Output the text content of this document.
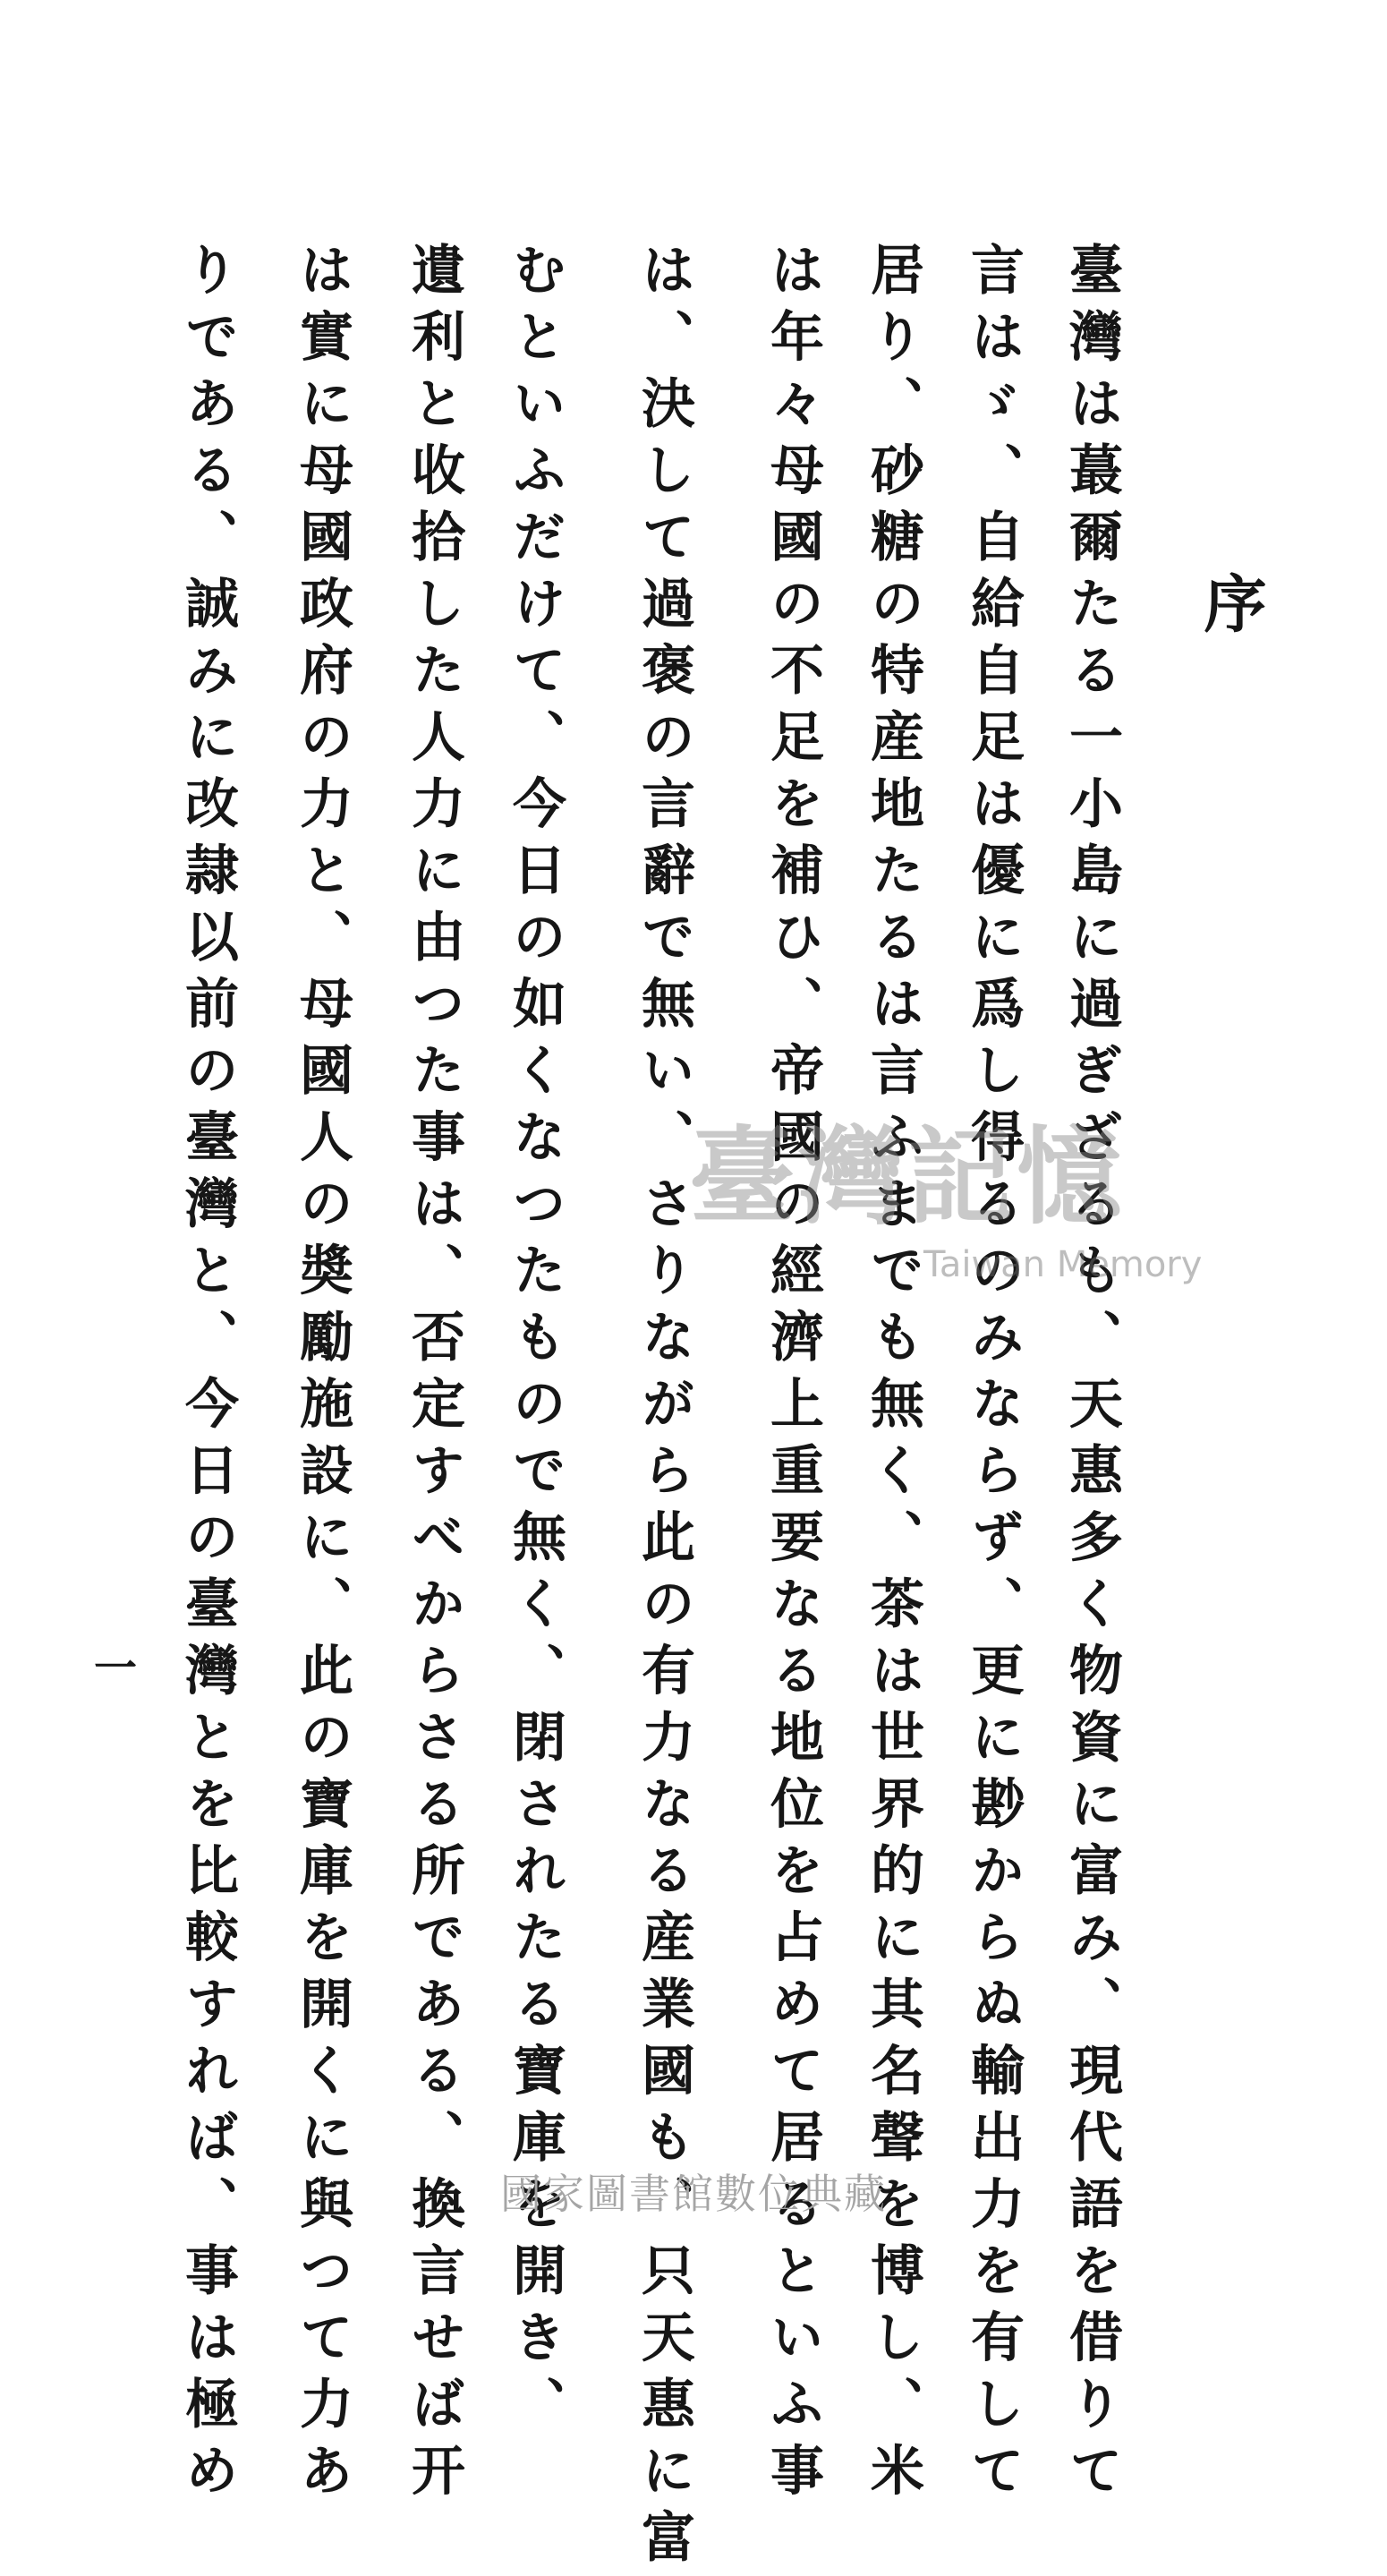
序
臺灣は蕞爾たる一小島に過ぎざるも、天惠多く物資に富み、現代語を借りて
言はゞ、自給自足は優に爲し得るのみならず、更に尠からぬ輸出力を有して
居り、砂糖の特産地たるは言ふまでも無く、茶は世界的に其名聲を博し、米
は年々母國の不足を補ひ、帝國の經濟上重要なる地位を占めて居るといふ事
は、決して過褒の言辭で無い、さりながら此の有力なる産業國も、只天惠に富
むといふだけて、今日の如くなつたもので無く、閉されたる寶庫を開き、
遺利と收拾した人力に由つた事は、否定すべからさる所である、換言せば开
は實に母國政府の力と、母國人の奬勵施設に、此の寶庫を開くに與つて力あ
りである、誠みに改隷以前の臺灣と、今日の臺灣とを比較すれば、事は極め
一
臺灣記憶
Taiwan Memory
國家圖書館數位典藏
